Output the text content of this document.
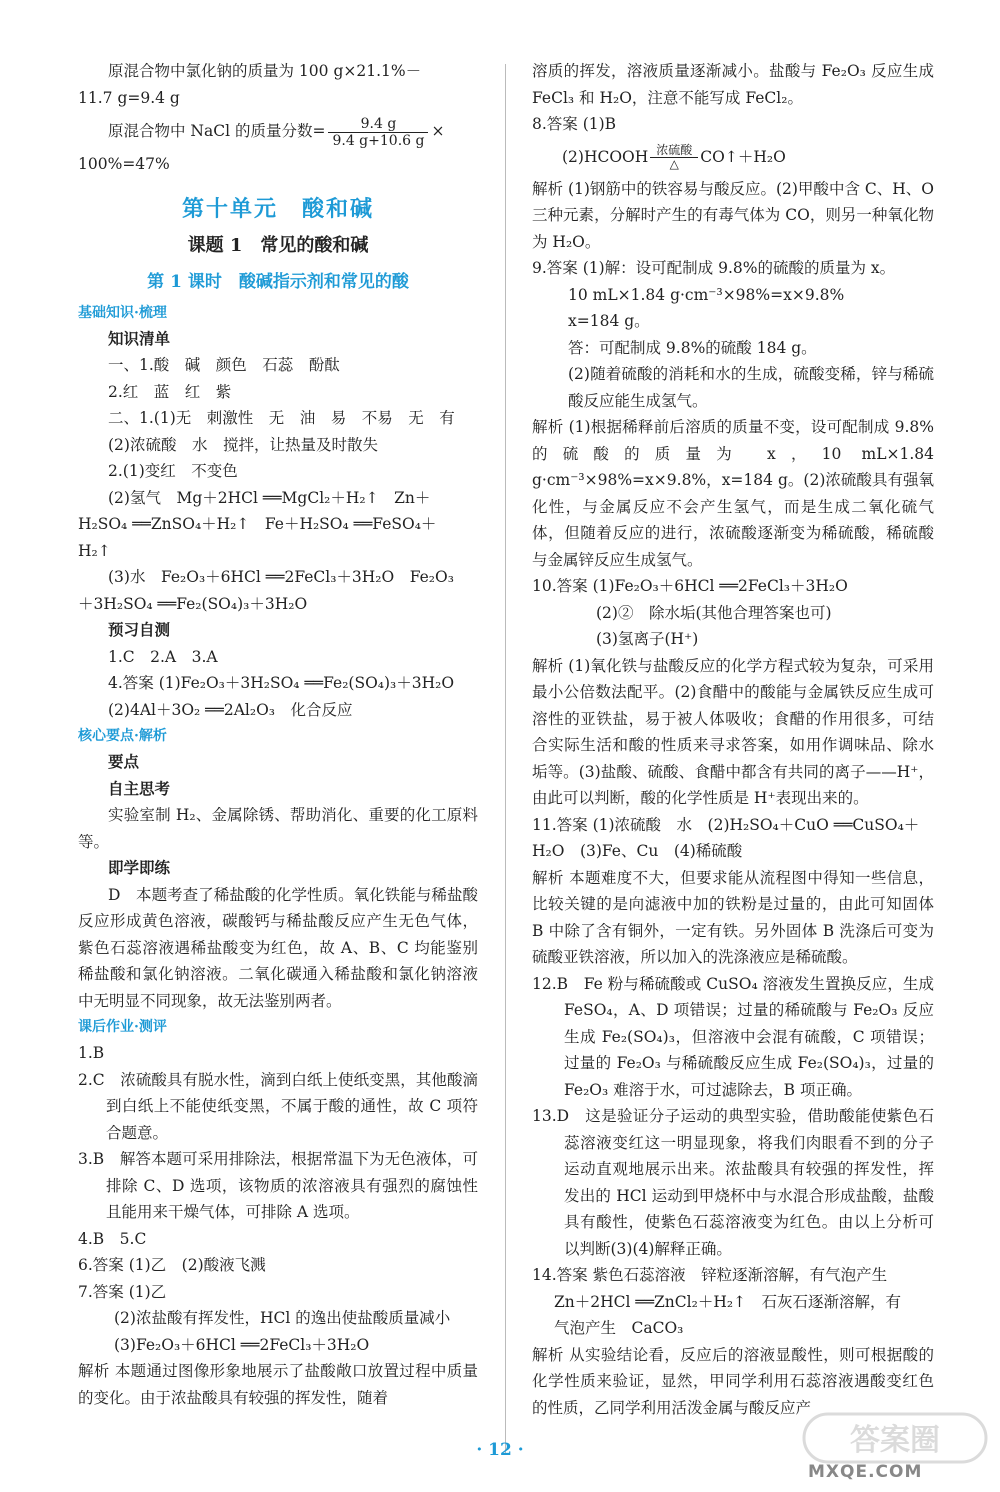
原混合物中氯化钠的质量为 100 g×21.1%－
11.7 g=9.4 g
原混合物中 NaCl 的质量分数= $\frac{9.4 g}{9.4 g+10.6 g}$ ×
100%=47%
第十单元　酸和碱
课题 1　常见的酸和碱
第 1 课时　酸碱指示剂和常见的酸
基础知识·梳理
知识清单
一、1.酸　碱　颜色　石蕊　酚酞
2.红　蓝　红　紫
二、1.(1)无　刺激性　无　油　易　不易　无　有
(2)浓硫酸　水　搅拌，让热量及时散失
2.(1)变红　不变色
(2)氢气　Mg＋2HCl ══MgCl₂＋H₂↑　Zn＋
H₂SO₄ ══ZnSO₄＋H₂↑　Fe＋H₂SO₄ ══FeSO₄＋
H₂↑
(3)水　Fe₂O₃＋6HCl ══2FeCl₃＋3H₂O　Fe₂O₃
＋3H₂SO₄ ══Fe₂(SO₄)₃＋3H₂O
预习自测
1.C　2.A　3.A
4.答案 (1)Fe₂O₃＋3H₂SO₄ ══Fe₂(SO₄)₃＋3H₂O
(2)4Al＋3O₂ ══2Al₂O₃　化合反应
核心要点·解析
要点
自主思考
实验室制 H₂、金属除锈、帮助消化、重要的化工原料等。
即学即练
D　本题考查了稀盐酸的化学性质。氧化铁能与稀盐酸反应形成黄色溶液，碳酸钙与稀盐酸反应产生无色气体，紫色石蕊溶液遇稀盐酸变为红色，故 A、B、C 均能鉴别稀盐酸和氯化钠溶液。二氧化碳通入稀盐酸和氯化钠溶液中无明显不同现象，故无法鉴别两者。
课后作业·测评
1.B
2.C　浓硫酸具有脱水性，滴到白纸上使纸变黑，其他酸滴到白纸上不能使纸变黑，不属于酸的通性，故 C 项符合题意。
3.B　解答本题可采用排除法，根据常温下为无色液体，可排除 C、D 选项，该物质的浓溶液具有强烈的腐蚀性且能用来干燥气体，可排除 A 选项。
4.B　5.C
6.答案 (1)乙　(2)酸液飞溅
7.答案 (1)乙
(2)浓盐酸有挥发性，HCl 的逸出使盐酸质量减小
(3)Fe₂O₃＋6HCl ══2FeCl₃＋3H₂O
解析 本题通过图像形象地展示了盐酸敞口放置过程中质量的变化。由于浓盐酸具有较强的挥发性，随着
溶质的挥发，溶液质量逐渐减小。盐酸与 Fe₂O₃ 反应生成 FeCl₃ 和 H₂O，注意不能写成 FeCl₂。
8.答案 (1)B
(2)HCOOH 浓硫酸
△	CO↑＋H₂O
解析 (1)钢筋中的铁容易与酸反应。(2)甲酸中含 C、H、O 三种元素，分解时产生的有毒气体为 CO，则另一种氧化物为 H₂O。
9.答案 (1)解：设可配制成 9.8%的硫酸的质量为 x。
10 mL×1.84 g·cm⁻³×98%=x×9.8%
x=184 g。
答：可配制成 9.8%的硫酸 184 g。
(2)随着硫酸的消耗和水的生成，硫酸变稀，锌与稀硫酸反应能生成氢气。
解析 (1)根据稀释前后溶质的质量不变，设可配制成 9.8%的硫酸的质量为 x，10 mL×1.84 g·cm⁻³×98%=x×9.8%，x=184 g。(2)浓硫酸具有强氧化性，与金属反应不会产生氢气，而是生成二氧化硫气体，但随着反应的进行，浓硫酸逐渐变为稀硫酸，稀硫酸与金属锌反应生成氢气。
10.答案 (1)Fe₂O₃＋6HCl ══2FeCl₃＋3H₂O
(2)②　除水垢(其他合理答案也可)
(3)氢离子(H⁺)
解析 (1)氧化铁与盐酸反应的化学方程式较为复杂，可采用最小公倍数法配平。(2)食醋中的酸能与金属铁反应生成可溶性的亚铁盐，易于被人体吸收；食醋的作用很多，可结合实际生活和酸的性质来寻求答案，如用作调味品、除水垢等。(3)盐酸、硫酸、食醋中都含有共同的离子——H⁺，由此可以判断，酸的化学性质是 H⁺表现出来的。
11.答案 (1)浓硫酸　水　(2)H₂SO₄＋CuO ══CuSO₄＋
H₂O　(3)Fe、Cu　(4)稀硫酸
解析 本题难度不大，但要求能从流程图中得知一些信息，比较关键的是向滤液中加的铁粉是过量的，由此可知固体 B 中除了含有铜外，一定有铁。另外固体 B 洗涤后可变为硫酸亚铁溶液，所以加入的洗涤液应是稀硫酸。
12.B　Fe 粉与稀硫酸或 CuSO₄ 溶液发生置换反应，生成 FeSO₄，A、D 项错误；过量的稀硫酸与 Fe₂O₃ 反应生成 Fe₂(SO₄)₃，但溶液中会混有硫酸，C 项错误；过量的 Fe₂O₃ 与稀硫酸反应生成 Fe₂(SO₄)₃，过量的 Fe₂O₃ 难溶于水，可过滤除去，B 项正确。
13.D　这是验证分子运动的典型实验，借助酸能使紫色石蕊溶液变红这一明显现象，将我们肉眼看不到的分子运动直观地展示出来。浓盐酸具有较强的挥发性，挥发出的 HCl 运动到甲烧杯中与水混合形成盐酸，盐酸具有酸性，使紫色石蕊溶液变为红色。由以上分析可以判断(3)(4)解释正确。
14.答案 紫色石蕊溶液　锌粒逐渐溶解，有气泡产生
Zn＋2HCl ══ZnCl₂＋H₂↑　石灰石逐渐溶解，有
气泡产生　CaCO₃
解析 从实验结论看，反应后的溶液显酸性，则可根据酸的化学性质来验证，显然，甲同学利用石蕊溶液遇酸变红色的性质，乙同学利用活泼金属与酸反应产
· 12 ·	答案圈
MXQE.COM
